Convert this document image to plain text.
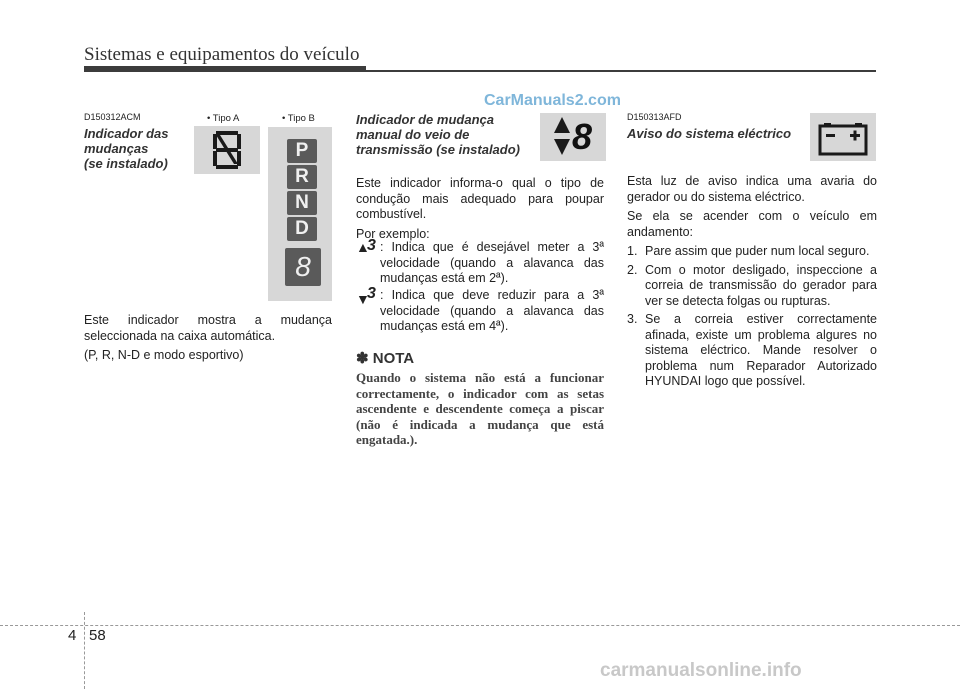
Sistemas e equipamentos do veículo
CarManuals2.com
D150312ACM
Indicador das
mudanças
(se instalado)
• Tipo A	• Tipo B
P
R
N
D
8

Este indicador mostra a mudança seleccionada na caixa automática.

(P, R, N-D e modo esportivo)

Indicador de mudança
manual do veio de
transmissão (se instalado) 8

Este indicador informa-o qual o tipo de condução mais adequado para poupar combustível.

Por exemplo:

▲
3 : Indica que é desejável meter a 3ª velocidade (quando a alavanca das mudanças está em 2ª).
▼
3 : Indica que deve reduzir para a 3ª velocidade (quando a alavanca das mudanças está em 4ª).
✽ NOTA
Quando o sistema não está a funcionar correctamente, o indicador com as setas ascendente e descendente começa a piscar (não é indicada a mudança que está engatada.).
D150313AFD
Aviso do sistema eléctrico

Esta luz de aviso indica uma avaria do gerador ou do sistema eléctrico.

Se ela se acender com o veículo em andamento:

1. Pare assim que puder num local seguro.
2. Com o motor desligado, inspeccione a correia de transmissão do gerador para ver se detecta folgas ou rupturas.
3. Se a correia estiver correctamente afinada, existe um problema algures no sistema eléctrico. Mande resolver o problema num Reparador Autorizado HYUNDAI logo que possível.
4 58
carmanualsonline.info
